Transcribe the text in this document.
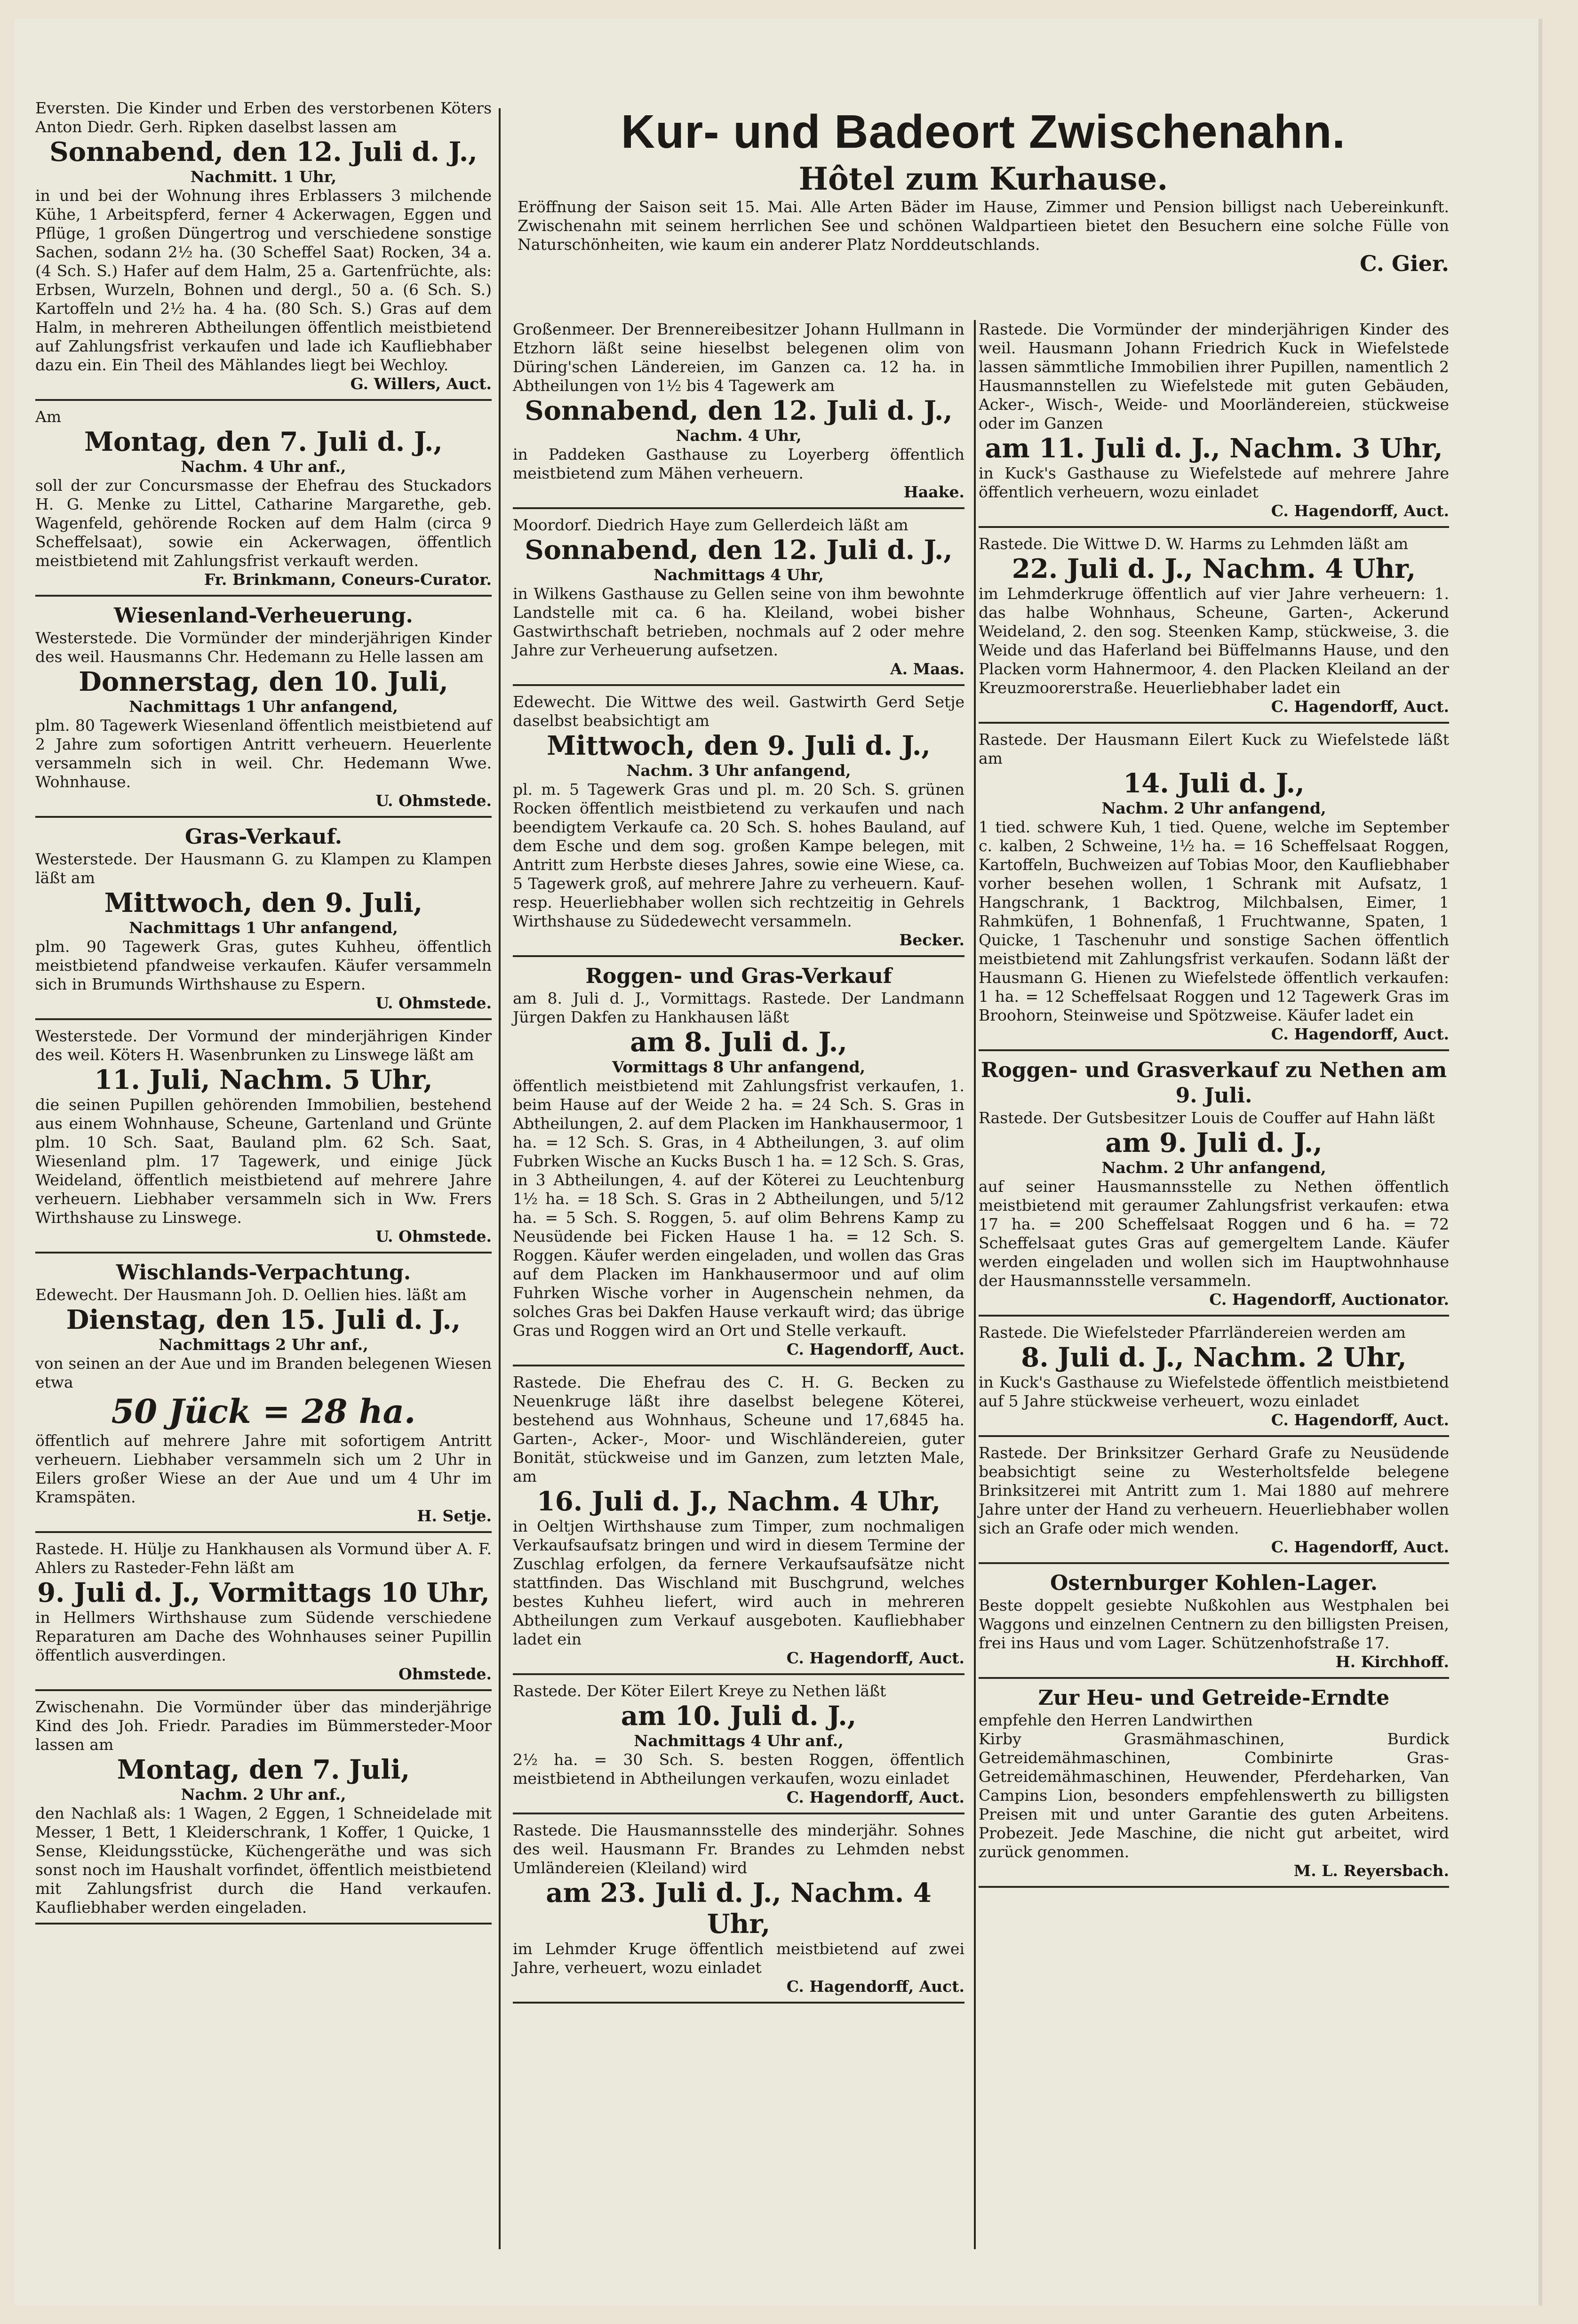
Kur- und Badeort Zwischenahn.
Hôtel zum Kurhause.

Eröffnung der Saison seit 15. Mai. Alle Arten Bäder im Hause, Zimmer und Pension billigst nach Uebereinkunft. Zwischenahn mit seinem herrlichen See und schönen Waldpartieen bietet den Besuchern eine solche Fülle von Naturschönheiten, wie kaum ein anderer Platz Norddeutschlands.

C. Gier.

Eversten. Die Kinder und Erben des verstorbenen Köters Anton Diedr. Gerh. Ripken daselbst lassen am

Sonnabend, den 12. Juli d. J.,

Nachmitt. 1 Uhr,

in und bei der Wohnung ihres Erblassers 3 milchende Kühe, 1 Arbeitspferd, ferner 4 Ackerwagen, Eggen und Pflüge, 1 großen Düngertrog und verschiedene sonstige Sachen, sodann 2½ ha. (30 Scheffel Saat) Rocken, 34 a. (4 Sch. S.) Hafer auf dem Halm, 25 a. Gartenfrüchte, als: Erbsen, Wurzeln, Bohnen und dergl., 50 a. (6 Sch. S.) Kartoffeln und 2½ ha. 4 ha. (80 Sch. S.) Gras auf dem Halm, in mehreren Abtheilungen öffentlich meistbietend auf Zahlungsfrist verkaufen und lade ich Kaufliebhaber dazu ein. Ein Theil des Mählandes liegt bei Wechloy.

G. Willers, Auct.

Am

Montag, den 7. Juli d. J.,

Nachm. 4 Uhr anf.,

soll der zur Concursmasse der Ehefrau des Stuckadors H. G. Menke zu Littel, Catharine Margarethe, geb. Wagenfeld, gehörende Rocken auf dem Halm (circa 9 Scheffelsaat), sowie ein Ackerwagen, öffentlich meistbietend mit Zahlungsfrist verkauft werden.

Fr. Brinkmann, Coneurs-Curator.

Wiesenland-Verheuerung.

Westerstede. Die Vormünder der minderjährigen Kinder des weil. Hausmanns Chr. Hedemann zu Helle lassen am

Donnerstag, den 10. Juli,

Nachmittags 1 Uhr anfangend,

plm. 80 Tagewerk Wiesenland öffentlich meistbietend auf 2 Jahre zum sofortigen Antritt verheuern. Heuerlente versammeln sich in weil. Chr. Hedemann Wwe. Wohnhause.

U. Ohmstede.

Gras-Verkauf.

Westerstede. Der Hausmann G. zu Klampen zu Klampen läßt am

Mittwoch, den 9. Juli,

Nachmittags 1 Uhr anfangend,

plm. 90 Tagewerk Gras, gutes Kuhheu, öffentlich meistbietend pfandweise verkaufen. Käufer versammeln sich in Brumunds Wirthshause zu Espern.

U. Ohmstede.

Westerstede. Der Vormund der minderjährigen Kinder des weil. Köters H. Wasenbrunken zu Linswege läßt am

11. Juli, Nachm. 5 Uhr,

die seinen Pupillen gehörenden Immobilien, bestehend aus einem Wohnhause, Scheune, Gartenland und Grünte plm. 10 Sch. Saat, Bauland plm. 62 Sch. Saat, Wiesenland plm. 17 Tagewerk, und einige Jück Weideland, öffentlich meistbietend auf mehrere Jahre verheuern. Liebhaber versammeln sich in Ww. Frers Wirthshause zu Linswege.

U. Ohmstede.

Wischlands-Verpachtung.

Edewecht. Der Hausmann Joh. D. Oellien hies. läßt am

Dienstag, den 15. Juli d. J.,

Nachmittags 2 Uhr anf.,

von seinen an der Aue und im Branden belegenen Wiesen etwa

50 Jück = 28 ha.

öffentlich auf mehrere Jahre mit sofortigem Antritt verheuern. Liebhaber versammeln sich um 2 Uhr in Eilers großer Wiese an der Aue und um 4 Uhr im Kramspäten.

H. Setje.

Rastede. H. Hülje zu Hankhausen als Vormund über A. F. Ahlers zu Rasteder-Fehn läßt am

9. Juli d. J., Vormittags 10 Uhr,

in Hellmers Wirthshause zum Südende verschiedene Reparaturen am Dache des Wohnhauses seiner Pupillin öffentlich ausverdingen.

Ohmstede.

Zwischenahn. Die Vormünder über das minderjährige Kind des Joh. Friedr. Paradies im Bümmersteder-Moor lassen am

Montag, den 7. Juli,

Nachm. 2 Uhr anf.,

den Nachlaß als: 1 Wagen, 2 Eggen, 1 Schneidelade mit Messer, 1 Bett, 1 Kleiderschrank, 1 Koffer, 1 Quicke, 1 Sense, Kleidungsstücke, Küchengeräthe und was sich sonst noch im Haushalt vorfindet, öffentlich meistbietend mit Zahlungsfrist durch die Hand verkaufen. Kaufliebhaber werden eingeladen.

Großenmeer. Der Brennereibesitzer Johann Hullmann in Etzhorn läßt seine hieselbst belegenen olim von Düring'schen Ländereien, im Ganzen ca. 12 ha. in Abtheilungen von 1½ bis 4 Tagewerk am

Sonnabend, den 12. Juli d. J.,

Nachm. 4 Uhr,

in Paddeken Gasthause zu Loyerberg öffentlich meistbietend zum Mähen verheuern.

Haake.

Moordorf. Diedrich Haye zum Gellerdeich läßt am

Sonnabend, den 12. Juli d. J.,

Nachmittags 4 Uhr,

in Wilkens Gasthause zu Gellen seine von ihm bewohnte Landstelle mit ca. 6 ha. Kleiland, wobei bisher Gastwirthschaft betrieben, nochmals auf 2 oder mehre Jahre zur Verheuerung aufsetzen.

A. Maas.

Edewecht. Die Wittwe des weil. Gastwirth Gerd Setje daselbst beabsichtigt am

Mittwoch, den 9. Juli d. J.,

Nachm. 3 Uhr anfangend,

pl. m. 5 Tagewerk Gras und pl. m. 20 Sch. S. grünen Rocken öffentlich meistbietend zu verkaufen und nach beendigtem Verkaufe ca. 20 Sch. S. hohes Bauland, auf dem Esche und dem sog. großen Kampe belegen, mit Antritt zum Herbste dieses Jahres, sowie eine Wiese, ca. 5 Tagewerk groß, auf mehrere Jahre zu verheuern. Kauf- resp. Heuerliebhaber wollen sich rechtzeitig in Gehrels Wirthshause zu Südedewecht versammeln.

Becker.

Roggen- und Gras-Verkauf

am 8. Juli d. J., Vormittags. Rastede. Der Landmann Jürgen Dakfen zu Hankhausen läßt

am 8. Juli d. J.,

Vormittags 8 Uhr anfangend,

öffentlich meistbietend mit Zahlungsfrist verkaufen, 1. beim Hause auf der Weide 2 ha. = 24 Sch. S. Gras in Abtheilungen, 2. auf dem Placken im Hankhausermoor, 1 ha. = 12 Sch. S. Gras, in 4 Abtheilungen, 3. auf olim Fubrken Wische an Kucks Busch 1 ha. = 12 Sch. S. Gras, in 3 Abtheilungen, 4. auf der Köterei zu Leuchtenburg 1½ ha. = 18 Sch. S. Gras in 2 Abtheilungen, und 5/12 ha. = 5 Sch. S. Roggen, 5. auf olim Behrens Kamp zu Neusüdende bei Ficken Hause 1 ha. = 12 Sch. S. Roggen. Käufer werden eingeladen, und wollen das Gras auf dem Placken im Hankhausermoor und auf olim Fuhrken Wische vorher in Augenschein nehmen, da solches Gras bei Dakfen Hause verkauft wird; das übrige Gras und Roggen wird an Ort und Stelle verkauft.

C. Hagendorff, Auct.

Rastede. Die Ehefrau des C. H. G. Becken zu Neuenkruge läßt ihre daselbst belegene Köterei, bestehend aus Wohnhaus, Scheune und 17,6845 ha. Garten-, Acker-, Moor- und Wischländereien, guter Bonität, stückweise und im Ganzen, zum letzten Male, am

16. Juli d. J., Nachm. 4 Uhr,

in Oeltjen Wirthshause zum Timper, zum nochmaligen Verkaufsaufsatz bringen und wird in diesem Termine der Zuschlag erfolgen, da fernere Verkaufsaufsätze nicht stattfinden. Das Wischland mit Buschgrund, welches bestes Kuhheu liefert, wird auch in mehreren Abtheilungen zum Verkauf ausgeboten. Kaufliebhaber ladet ein

C. Hagendorff, Auct.

Rastede. Der Köter Eilert Kreye zu Nethen läßt

am 10. Juli d. J.,

Nachmittags 4 Uhr anf.,

2½ ha. = 30 Sch. S. besten Roggen, öffentlich meistbietend in Abtheilungen verkaufen, wozu einladet

C. Hagendorff, Auct.

Rastede. Die Hausmannsstelle des minderjähr. Sohnes des weil. Hausmann Fr. Brandes zu Lehmden nebst Umländereien (Kleiland) wird

am 23. Juli d. J., Nachm. 4 Uhr,

im Lehmder Kruge öffentlich meistbietend auf zwei Jahre, verheuert, wozu einladet

C. Hagendorff, Auct.

Rastede. Die Vormünder der minderjährigen Kinder des weil. Hausmann Johann Friedrich Kuck in Wiefelstede lassen sämmtliche Immobilien ihrer Pupillen, namentlich 2 Hausmannstellen zu Wiefelstede mit guten Gebäuden, Acker-, Wisch-, Weide- und Moorländereien, stückweise oder im Ganzen

am 11. Juli d. J., Nachm. 3 Uhr,

in Kuck's Gasthause zu Wiefelstede auf mehrere Jahre öffentlich verheuern, wozu einladet

C. Hagendorff, Auct.

Rastede. Die Wittwe D. W. Harms zu Lehmden läßt am

22. Juli d. J., Nachm. 4 Uhr,

im Lehmderkruge öffentlich auf vier Jahre verheuern: 1. das halbe Wohnhaus, Scheune, Garten-, Ackerund Weideland, 2. den sog. Steenken Kamp, stückweise, 3. die Weide und das Haferland bei Büffelmanns Hause, und den Placken vorm Hahnermoor, 4. den Placken Kleiland an der Kreuzmoorerstraße. Heuerliebhaber ladet ein

C. Hagendorff, Auct.

Rastede. Der Hausmann Eilert Kuck zu Wiefelstede läßt am

14. Juli d. J.,

Nachm. 2 Uhr anfangend,

1 tied. schwere Kuh, 1 tied. Quene, welche im September c. kalben, 2 Schweine, 1½ ha. = 16 Scheffelsaat Roggen, Kartoffeln, Buchweizen auf Tobias Moor, den Kaufliebhaber vorher besehen wollen, 1 Schrank mit Aufsatz, 1 Hangschrank, 1 Backtrog, Milchbalsen, Eimer, 1 Rahmküfen, 1 Bohnenfaß, 1 Fruchtwanne, Spaten, 1 Quicke, 1 Taschenuhr und sonstige Sachen öffentlich meistbietend mit Zahlungsfrist verkaufen. Sodann läßt der Hausmann G. Hienen zu Wiefelstede öffentlich verkaufen: 1 ha. = 12 Scheffelsaat Roggen und 12 Tagewerk Gras im Broohorn, Steinweise und Spötzweise. Käufer ladet ein

C. Hagendorff, Auct.

Roggen- und Grasverkauf zu Nethen am 9. Juli.

Rastede. Der Gutsbesitzer Louis de Couffer auf Hahn läßt

am 9. Juli d. J.,

Nachm. 2 Uhr anfangend,

auf seiner Hausmannsstelle zu Nethen öffentlich meistbietend mit geraumer Zahlungsfrist verkaufen: etwa 17 ha. = 200 Scheffelsaat Roggen und 6 ha. = 72 Scheffelsaat gutes Gras auf gemergeltem Lande. Käufer werden eingeladen und wollen sich im Hauptwohnhause der Hausmannsstelle versammeln.

C. Hagendorff, Auctionator.

Rastede. Die Wiefelsteder Pfarrländereien werden am

8. Juli d. J., Nachm. 2 Uhr,

in Kuck's Gasthause zu Wiefelstede öffentlich meistbietend auf 5 Jahre stückweise verheuert, wozu einladet

C. Hagendorff, Auct.

Rastede. Der Brinksitzer Gerhard Grafe zu Neusüdende beabsichtigt seine zu Westerholtsfelde belegene Brinksitzerei mit Antritt zum 1. Mai 1880 auf mehrere Jahre unter der Hand zu verheuern. Heuerliebhaber wollen sich an Grafe oder mich wenden.

C. Hagendorff, Auct.

Osternburger Kohlen-Lager.

Beste doppelt gesiebte Nußkohlen aus Westphalen bei Waggons und einzelnen Centnern zu den billigsten Preisen, frei ins Haus und vom Lager. Schützenhofstraße 17.

H. Kirchhoff.

Zur Heu- und Getreide-Erndte

empfehle den Herren Landwirthen

Kirby Grasmähmaschinen, Burdick Getreidemähmaschinen, Combinirte Gras-Getreidemähmaschinen, Heuwender, Pferdeharken, Van Campins Lion, besonders empfehlenswerth zu billigsten Preisen mit und unter Garantie des guten Arbeitens. Probezeit. Jede Maschine, die nicht gut arbeitet, wird zurück genommen.

M. L. Reyersbach.
